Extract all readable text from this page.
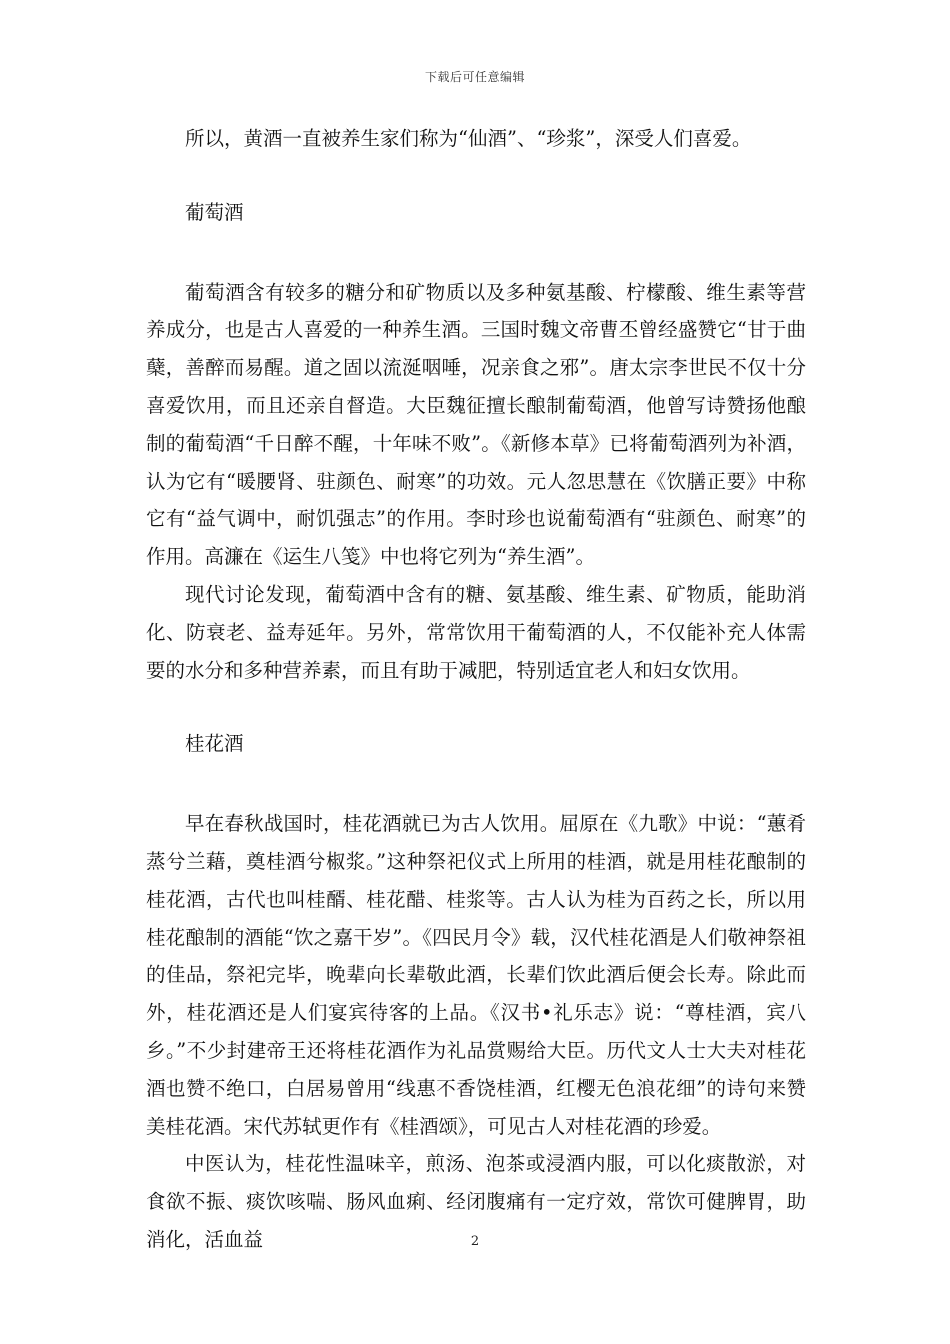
下载后可任意编辑

所以，黄酒一直被养生家们称为“仙酒”、“珍浆”，深受人们喜爱。

葡萄酒

葡萄酒含有较多的糖分和矿物质以及多种氨基酸、柠檬酸、维生素等营养成分，也是古人喜爱的一种养生酒。三国时魏文帝曹丕曾经盛赞它“甘于曲蘖，善醉而易醒。道之固以流涎咽唾，况亲食之邪”。唐太宗李世民不仅十分喜爱饮用，而且还亲自督造。大臣魏征擅长酿制葡萄酒，他曾写诗赞扬他酿制的葡萄酒“千日醉不醒，十年味不败”。《新修本草》已将葡萄酒列为补酒，认为它有“暖腰肾、驻颜色、耐寒”的功效。元人忽思慧在《饮膳正要》中称它有“益气调中，耐饥强志”的作用。李时珍也说葡萄酒有“驻颜色、耐寒”的作用。高濂在《运生八笺》中也将它列为“养生酒”。

现代讨论发现，葡萄酒中含有的糖、氨基酸、维生素、矿物质，能助消化、防衰老、益寿延年。另外，常常饮用干葡萄酒的人，不仅能补充人体需要的水分和多种营养素，而且有助于减肥，特别适宜老人和妇女饮用。

桂花酒

早在春秋战国时，桂花酒就已为古人饮用。屈原在《九歌》中说：“蕙肴蒸兮兰藉，奠桂酒兮椒浆。”这种祭祀仪式上所用的桂酒，就是用桂花酿制的桂花酒，古代也叫桂醑、桂花醋、桂浆等。古人认为桂为百药之长，所以用桂花酿制的酒能“饮之嘉干岁”。《四民月令》载，汉代桂花酒是人们敬神祭祖的佳品，祭祀完毕，晚辈向长辈敬此酒，长辈们饮此酒后便会长寿。除此而外，桂花酒还是人们宴宾待客的上品。《汉书•礼乐志》说：“尊桂酒，宾八乡。”不少封建帝王还将桂花酒作为礼品赏赐给大臣。历代文人士大夫对桂花酒也赞不绝口，白居易曾用“线惠不香饶桂酒，红樱无色浪花细”的诗句来赞美桂花酒。宋代苏轼更作有《桂酒颂》，可见古人对桂花酒的珍爱。

中医认为，桂花性温味辛，煎汤、泡茶或浸酒内服，可以化痰散淤，对食欲不振、痰饮咳喘、肠风血痢、经闭腹痛有一定疗效，常饮可健脾胃，助消化，活血益	2
